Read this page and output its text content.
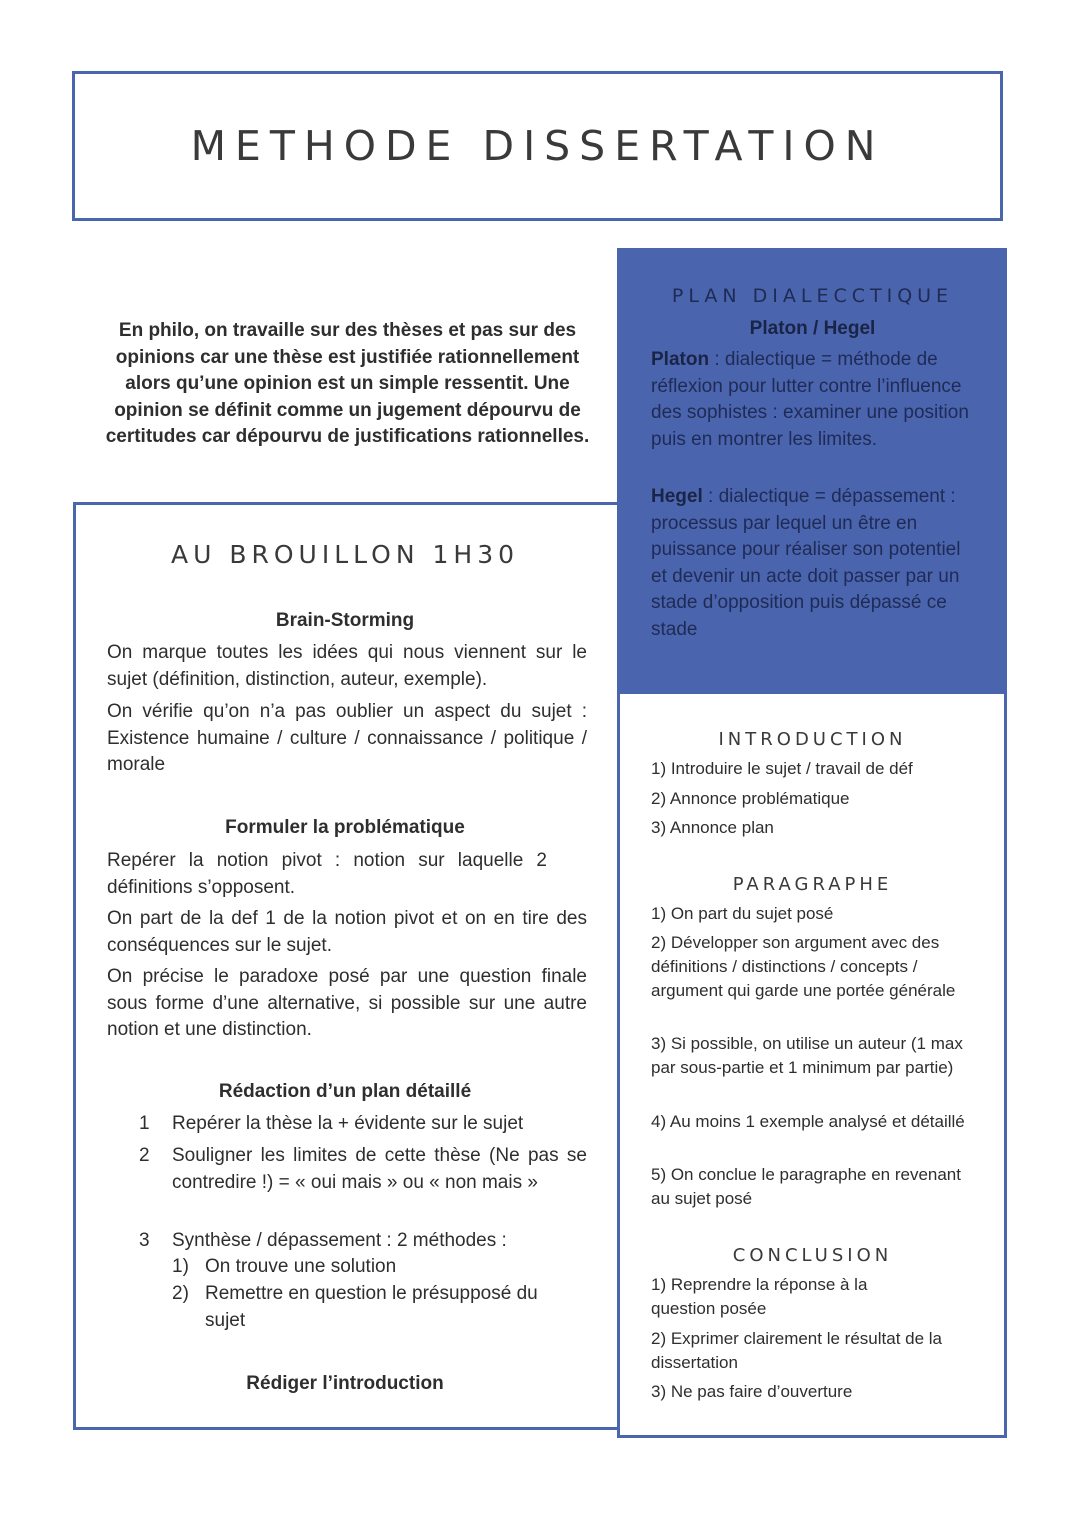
METHODE DISSERTATION

En philo, on travaille sur des thèses et pas sur des opinions car une thèse est justifiée rationnellement alors qu’une opinion est un simple ressentit. Une opinion se définit comme un jugement dépourvu de certitudes car dépourvu de justifications rationnelles.

AU BROUILLON 1H30
Brain-Storming

On marque toutes les idées qui nous viennent sur le sujet (définition, distinction, auteur, exemple).

On vérifie qu’on n’a pas oublier un aspect du sujet : Existence humaine / culture / connaissance / politique / morale

Formuler la problématique

Repérer la notion pivot : notion sur laquelle 2 définitions s’opposent.

On part de la def 1 de la notion pivot et on en tire des conséquences sur le sujet.

On précise le paradoxe posé par une question finale sous forme d’une alternative, si possible sur une autre notion et une distinction.

Rédaction d’un plan détaillé
1 Repérer la thèse la + évidente sur le sujet

2 Souligner les limites de cette thèse (Ne pas se contredire !) = « oui mais » ou « non mais »

3 Synthèse / dépassement : 2 méthodes :

1) On trouve une solution

2) Remettre en question le présupposé du sujet

Rédiger l’introduction
PLAN DIALECCTIQUE
Platon / Hegel

Platon : dialectique = méthode de réflexion pour lutter contre l’influence des sophistes : examiner une position puis en montrer les limites.

Hegel : dialectique = dépassement : processus par lequel un être en puissance pour réaliser son potentiel et devenir un acte doit passer par un stade d’opposition puis dépassé ce stade

INTRODUCTION

1) Introduire le sujet / travail de déf

2) Annonce problématique

3) Annonce plan

PARAGRAPHE

1) On part du sujet posé

2) Développer son argument avec des définitions / distinctions / concepts / argument qui garde une portée générale

3) Si possible, on utilise un auteur (1 max par sous-partie et 1 minimum par partie)

4) Au moins 1 exemple analysé et détaillé

5) On conclue le paragraphe en revenant au sujet posé

CONCLUSION

1) Reprendre la réponse à la question posée

2) Exprimer clairement le résultat de la dissertation

3) Ne pas faire d’ouverture
